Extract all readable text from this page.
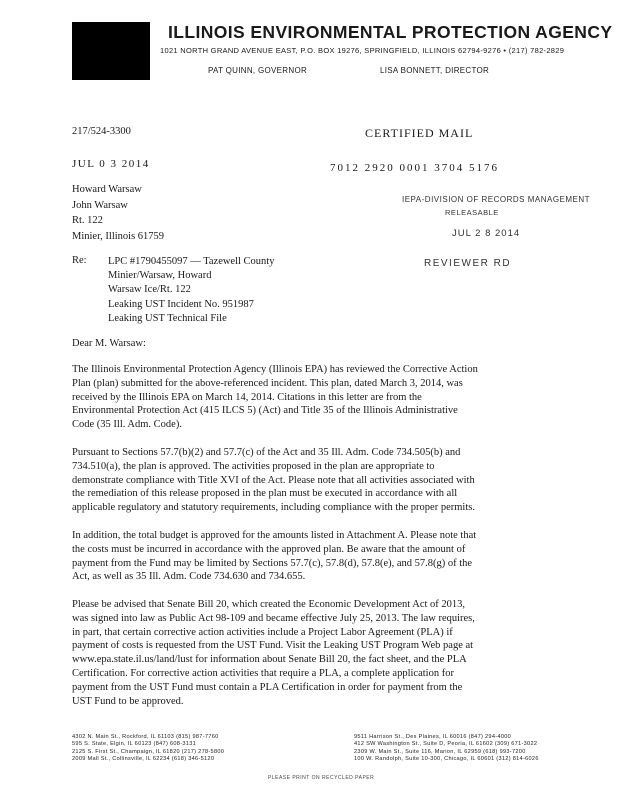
ILLINOIS ENVIRONMENTAL PROTECTION AGENCY
1021 NORTH GRAND AVENUE EAST, P.O. BOX 19276, SPRINGFIELD, ILLINOIS 62794-9276 • (217) 782-2829
PAT QUINN, GOVERNOR	LISA BONNETT, DIRECTOR
217/524-3300	CERTIFIED MAIL
JUL 0 3 2014	7012 2920 0001 3704 5176
Howard Warsaw
John Warsaw
Rt. 122
Minier, Illinois 61759
IEPA-DIVISION OF RECORDS MANAGEMENT
RELEASABLE
JUL 2 8 2014
REVIEWER RD
Re: LPC #1790455097 — Tazewell County
Minier/Warsaw, Howard
Warsaw Ice/Rt. 122
Leaking UST Incident No. 951987
Leaking UST Technical File
Dear M. Warsaw:
The Illinois Environmental Protection Agency (Illinois EPA) has reviewed the Corrective Action
Plan (plan) submitted for the above-referenced incident. This plan, dated March 3, 2014, was
received by the Illinois EPA on March 14, 2014. Citations in this letter are from the
Environmental Protection Act (415 ILCS 5) (Act) and Title 35 of the Illinois Administrative
Code (35 Ill. Adm. Code).
Pursuant to Sections 57.7(b)(2) and 57.7(c) of the Act and 35 Ill. Adm. Code 734.505(b) and
734.510(a), the plan is approved. The activities proposed in the plan are appropriate to
demonstrate compliance with Title XVI of the Act. Please note that all activities associated with
the remediation of this release proposed in the plan must be executed in accordance with all
applicable regulatory and statutory requirements, including compliance with the proper permits.
In addition, the total budget is approved for the amounts listed in Attachment A. Please note that
the costs must be incurred in accordance with the approved plan. Be aware that the amount of
payment from the Fund may be limited by Sections 57.7(c), 57.8(d), 57.8(e), and 57.8(g) of the
Act, as well as 35 Ill. Adm. Code 734.630 and 734.655.
Please be advised that Senate Bill 20, which created the Economic Development Act of 2013,
was signed into law as Public Act 98-109 and became effective July 25, 2013. The law requires,
in part, that certain corrective action activities include a Project Labor Agreement (PLA) if
payment of costs is requested from the UST Fund. Visit the Leaking UST Program Web page at
www.epa.state.il.us/land/lust for information about Senate Bill 20, the fact sheet, and the PLA
Certification. For corrective action activities that require a PLA, a complete application for
payment from the UST Fund must contain a PLA Certification in order for payment from the
UST Fund to be approved.
4302 N. Main St., Rockford, IL 61103 (815) 987-7760
595 S. State, Elgin, IL 60123 (847) 608-3131
2125 S. First St., Champaign, IL 61820 (217) 278-5800
2009 Mall St., Collinsville, IL 62234 (618) 346-5120
9511 Harrison St., Des Plaines, IL 60016 (847) 294-4000
412 SW Washington St., Suite D, Peoria, IL 61602 (309) 671-3022
2309 W. Main St., Suite 116, Marion, IL 62959 (618) 993-7200
100 W. Randolph, Suite 10-300, Chicago, IL 60601 (312) 814-6026
PLEASE PRINT ON RECYCLED PAPER
